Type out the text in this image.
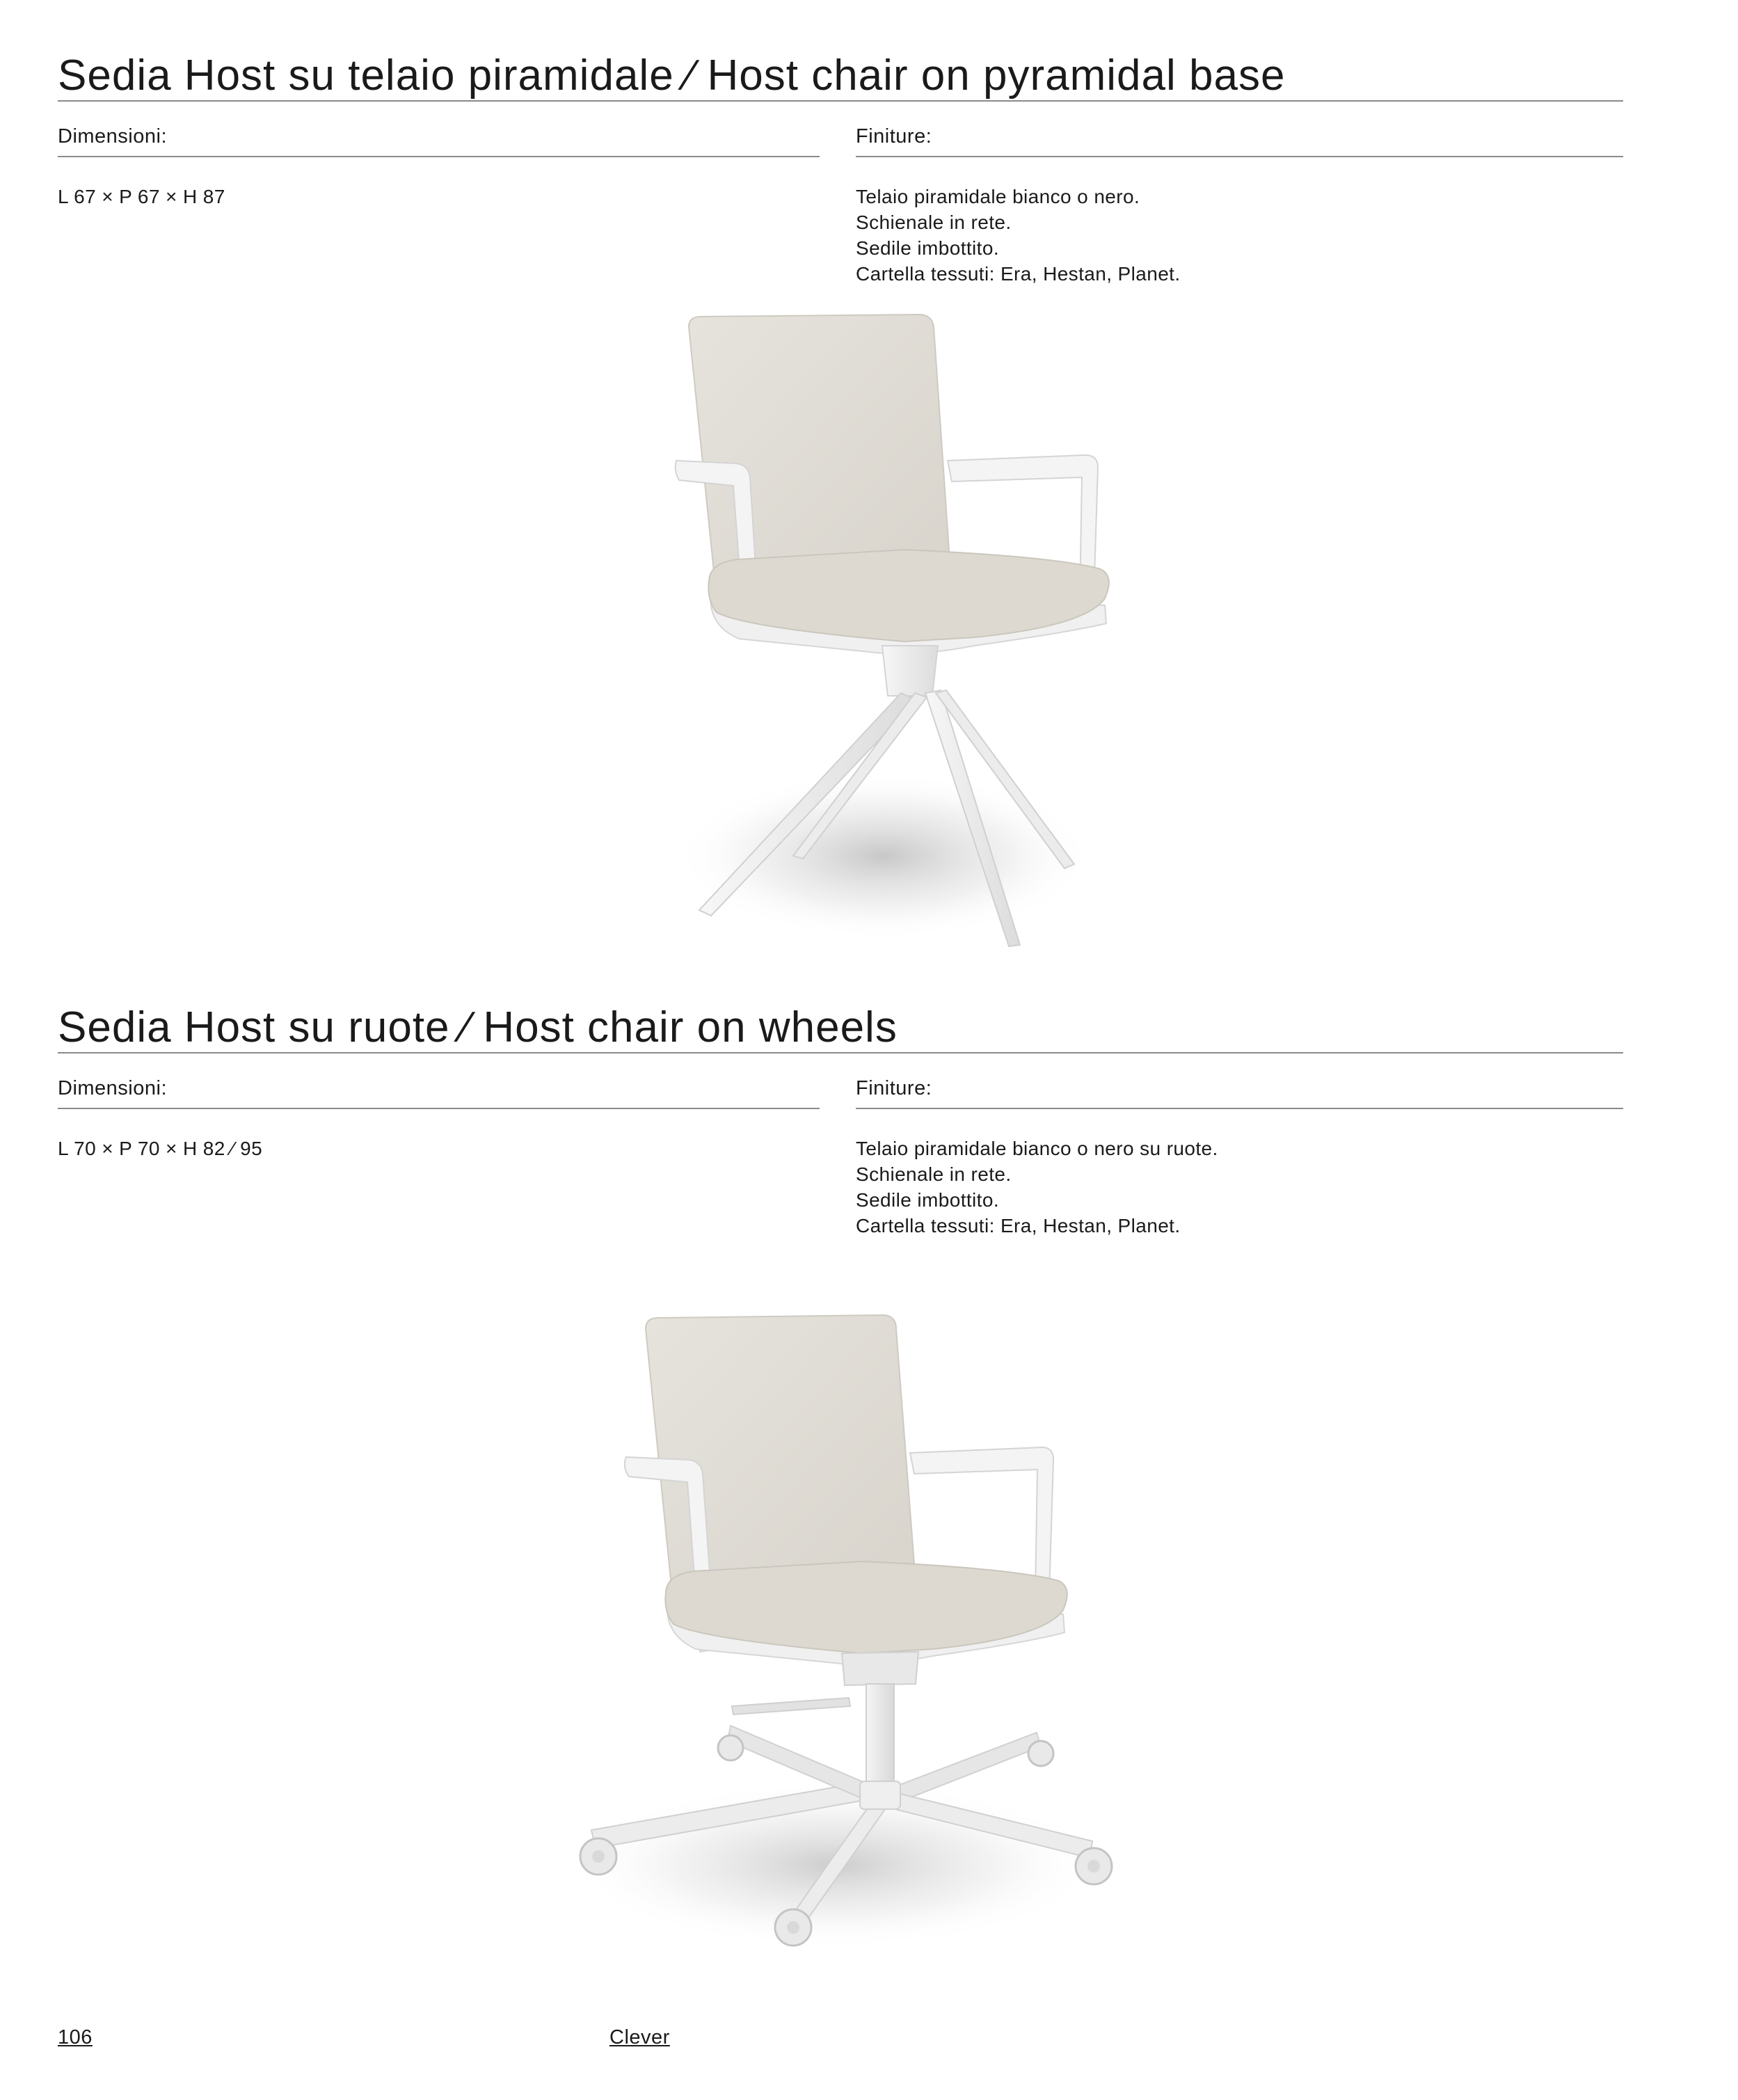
Sedia Host su telaio piramidale ⁄ Host chair on pyramidal base
Dimensioni:
L 67 × P 67 × H 87
Finiture:
Telaio piramidale bianco o nero.
Schienale in rete.
Sedile imbottito.
Cartella tessuti: Era, Hestan, Planet.
Sedia Host su ruote ⁄ Host chair on wheels
Dimensioni:
L 70 × P 70 × H 82 ⁄ 95
Finiture:
Telaio piramidale bianco o nero su ruote.
Schienale in rete.
Sedile imbottito.
Cartella tessuti: Era, Hestan, Planet.
106	Clever
